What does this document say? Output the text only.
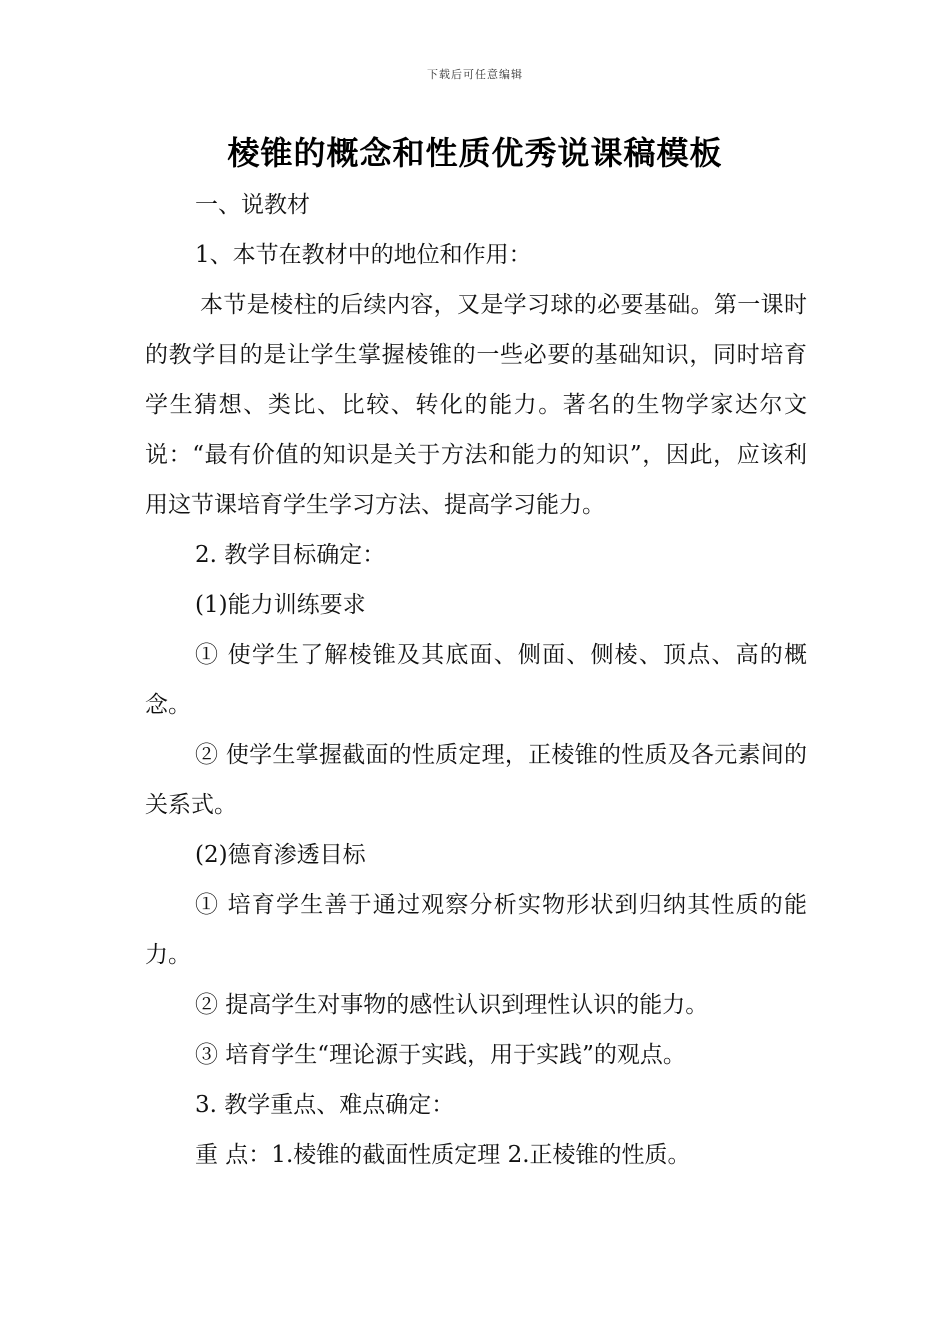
下载后可任意编辑
棱锥的概念和性质优秀说课稿模板

一、说教材

1、本节在教材中的地位和作用：

本节是棱柱的后续内容，又是学习球的必要基础。第一课时的教学目的是让学生掌握棱锥的一些必要的基础知识，同时培育学生猜想、类比、比较、转化的能力。著名的生物学家达尔文说：“最有价值的知识是关于方法和能力的知识”，因此，应该利用这节课培育学生学习方法、提高学习能力。

2. 教学目标确定：

(1)能力训练要求

① 使学生了解棱锥及其底面、侧面、侧棱、顶点、高的概念。

② 使学生掌握截面的性质定理，正棱锥的性质及各元素间的关系式。

(2)德育渗透目标

① 培育学生善于通过观察分析实物形状到归纳其性质的能力。

② 提高学生对事物的感性认识到理性认识的能力。

③ 培育学生“理论源于实践，用于实践”的观点。

3. 教学重点、难点确定：

重 点：1.棱锥的截面性质定理 2.正棱锥的性质。
